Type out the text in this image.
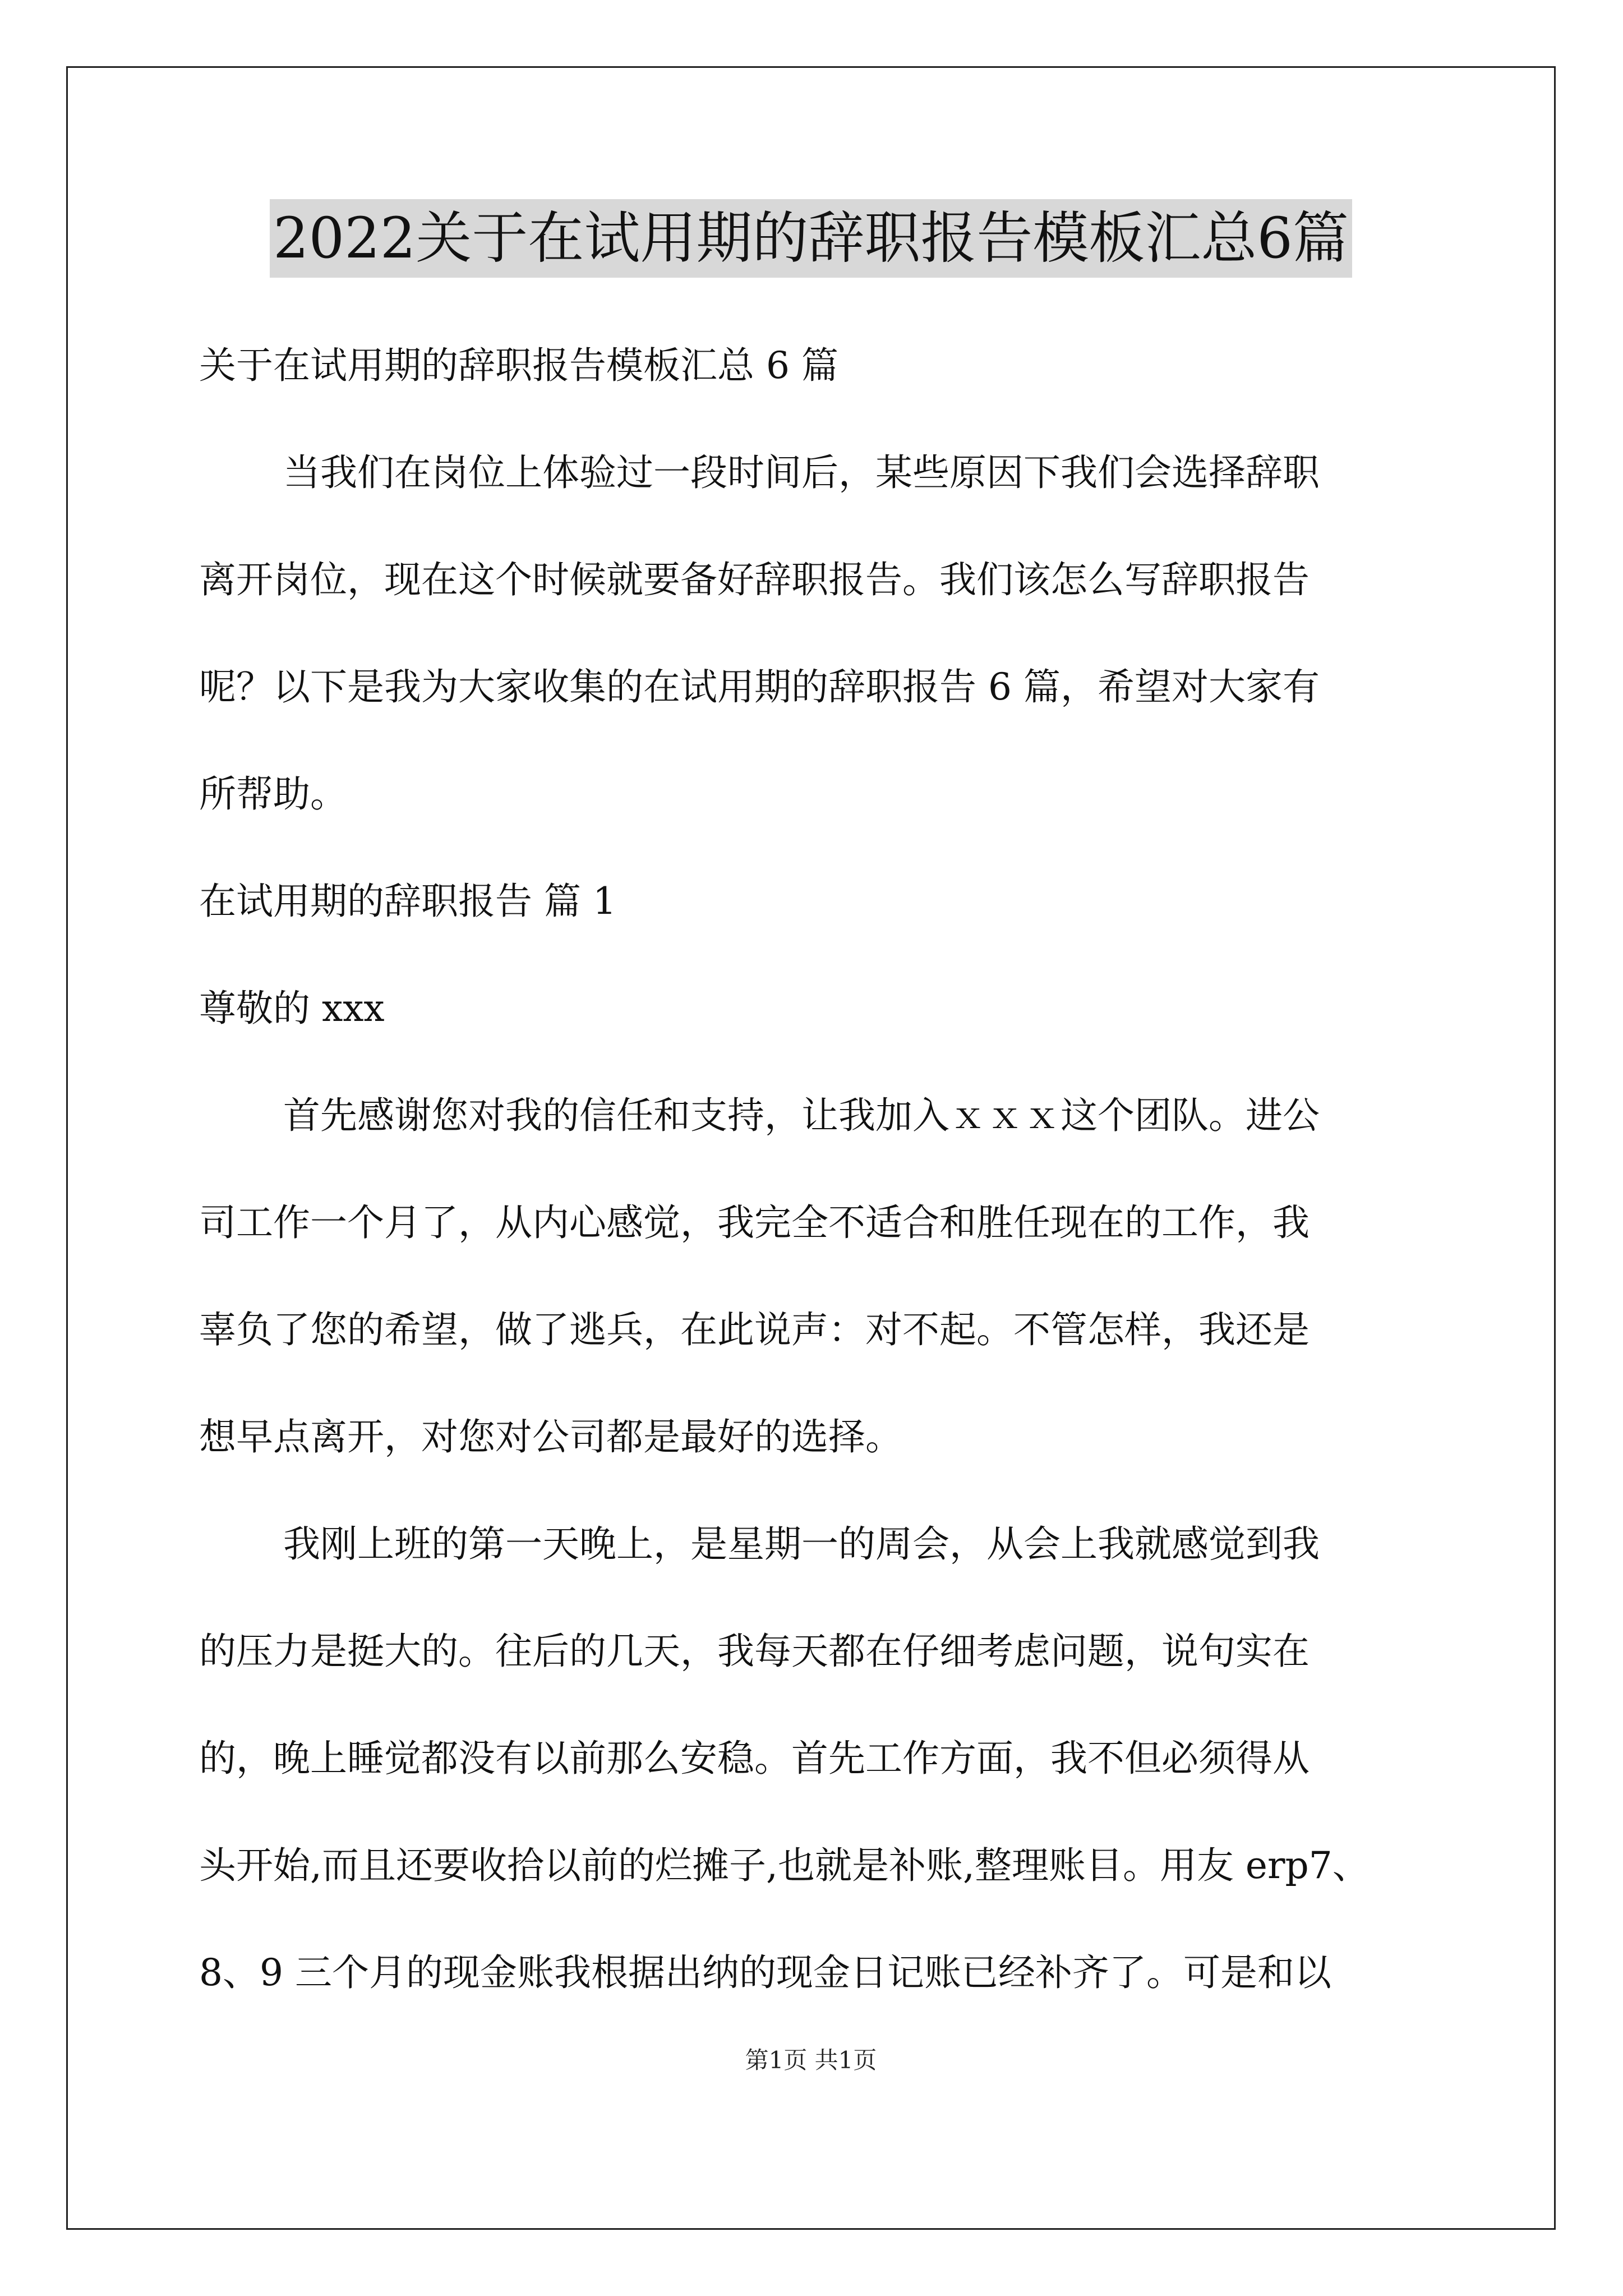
2022关于在试用期的辞职报告模板汇总6篇
关于在试用期的辞职报告模板汇总 6 篇
当我们在岗位上体验过一段时间后，某些原因下我们会选择辞职
离开岗位，现在这个时候就要备好辞职报告。我们该怎么写辞职报告
呢？以下是我为大家收集的在试用期的辞职报告 6 篇，希望对大家有
所帮助。
在试用期的辞职报告 篇 1
尊敬的 xxx
首先感谢您对我的信任和支持，让我加入ｘｘｘ这个团队。进公
司工作一个月了，从内心感觉，我完全不适合和胜任现在的工作，我
辜负了您的希望，做了逃兵，在此说声：对不起。不管怎样，我还是
想早点离开，对您对公司都是最好的选择。
我刚上班的第一天晚上，是星期一的周会，从会上我就感觉到我
的压力是挺大的。往后的几天，我每天都在仔细考虑问题，说句实在
的，晚上睡觉都没有以前那么安稳。首先工作方面，我不但必须得从
头开始,而且还要收拾以前的烂摊子,也就是补账,整理账目。用友 erp7、
8、9 三个月的现金账我根据出纳的现金日记账已经补齐了。可是和以
第1页 共1页
